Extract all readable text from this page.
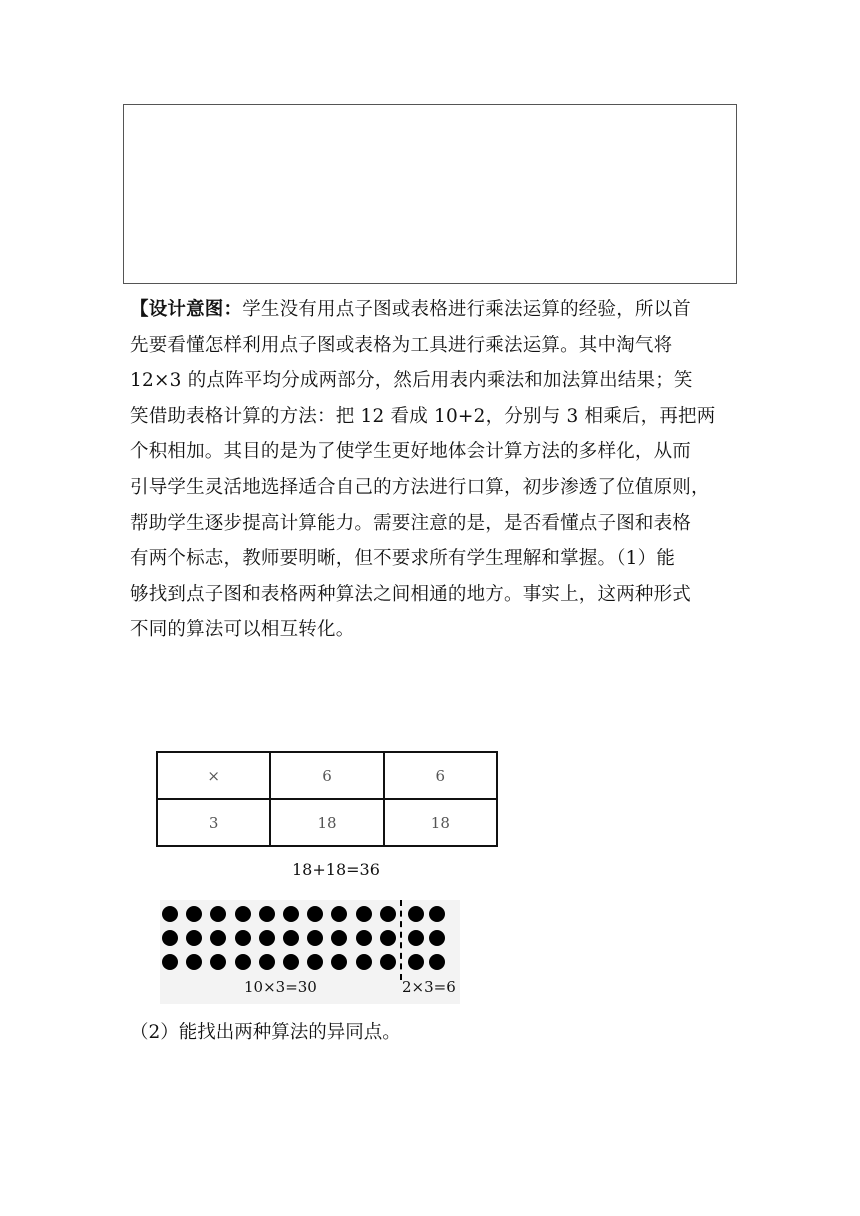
【设计意图：学生没有用点子图或表格进行乘法运算的经验，所以首
先要看懂怎样利用点子图或表格为工具进行乘法运算。其中淘气将
12×3 的点阵平均分成两部分，然后用表内乘法和加法算出结果；笑
笑借助表格计算的方法：把 12 看成 10+2，分别与 3 相乘后，再把两
个积相加。其目的是为了使学生更好地体会计算方法的多样化，从而
引导学生灵活地选择适合自己的方法进行口算，初步渗透了位值原则，
帮助学生逐步提高计算能力。需要注意的是，是否看懂点子图和表格
有两个标志，教师要明晰，但不要求所有学生理解和掌握。（1）能
够找到点子图和表格两种算法之间相通的地方。事实上，这两种形式
不同的算法可以相互转化。
×	6	6
3	18	18
18+18=36
10×3=30	2×3=6
（2）能找出两种算法的异同点。
